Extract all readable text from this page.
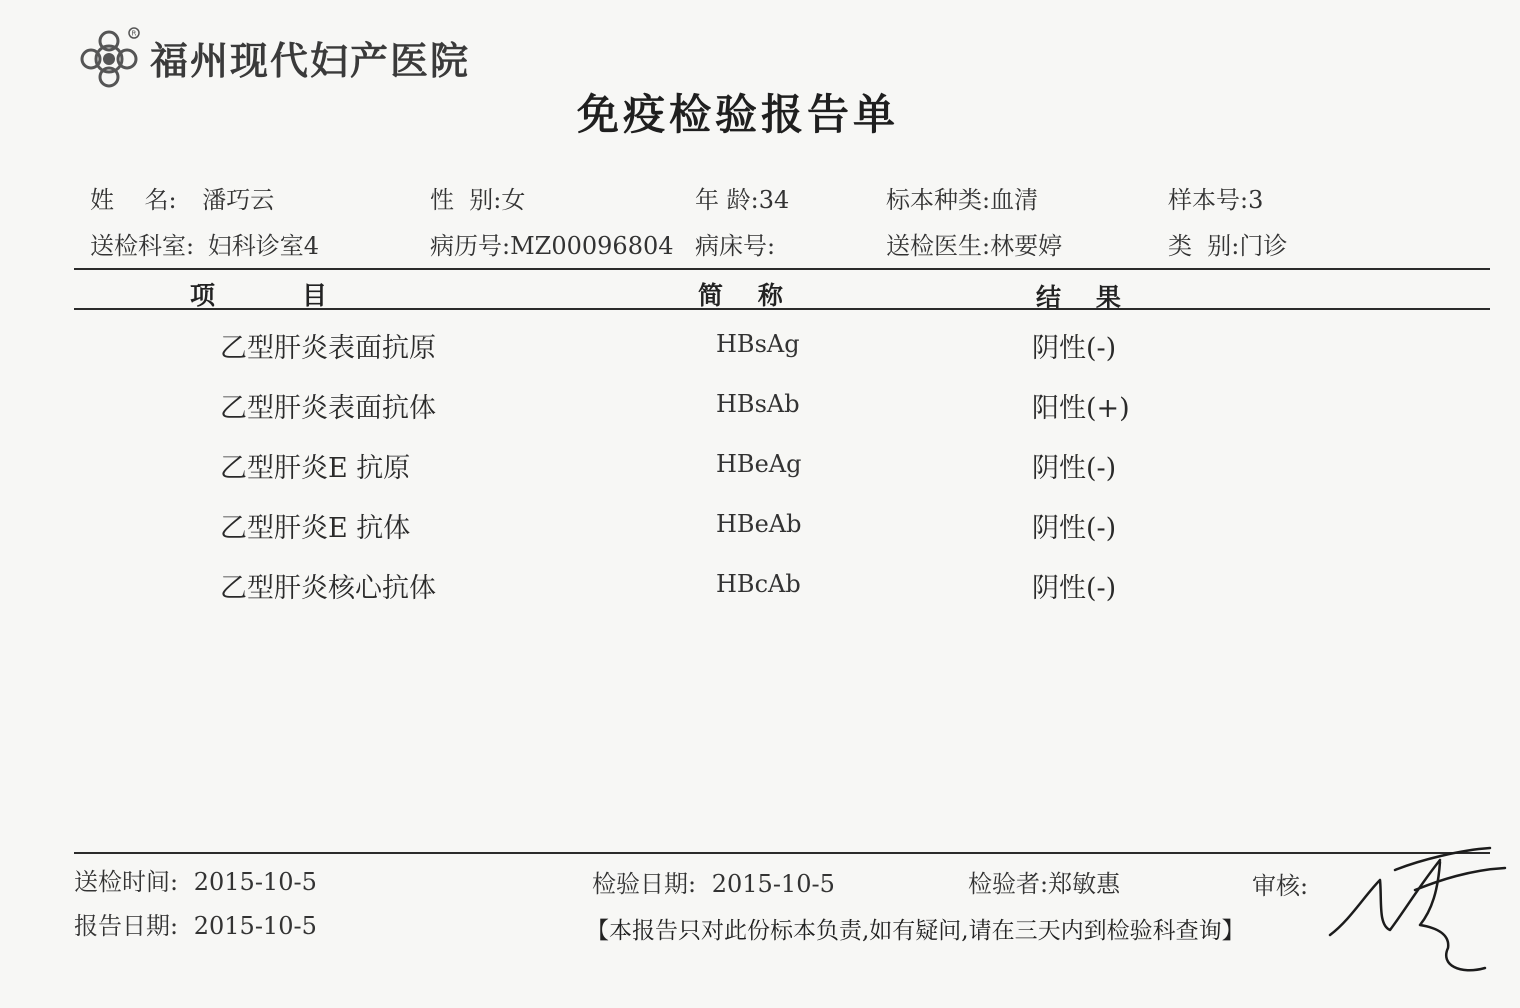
R
福州现代妇产医院
免疫检验报告单
姓    名: 潘巧云	性  别:女	年 龄:34	标本种类:血清	样本号:3
送检科室: 妇科诊室4	病历号:MZ00096804 病床号:	送检医生:林要婷	类  别:门诊
项          目	简    称	结    果
乙型肝炎表面抗原	HBsAg	阴性(-)
乙型肝炎表面抗体	HBsAb	阳性(+)
乙型肝炎E 抗原	HBeAg	阴性(-)
乙型肝炎E 抗体	HBeAb	阴性(-)
乙型肝炎核心抗体	HBcAb	阴性(-)
送检时间: 2015-10-5
报告日期: 2015-10-5
检验日期: 2015-10-5	检验者:郑敏惠	审核:
【本报告只对此份标本负责,如有疑问,请在三天内到检验科查询】
